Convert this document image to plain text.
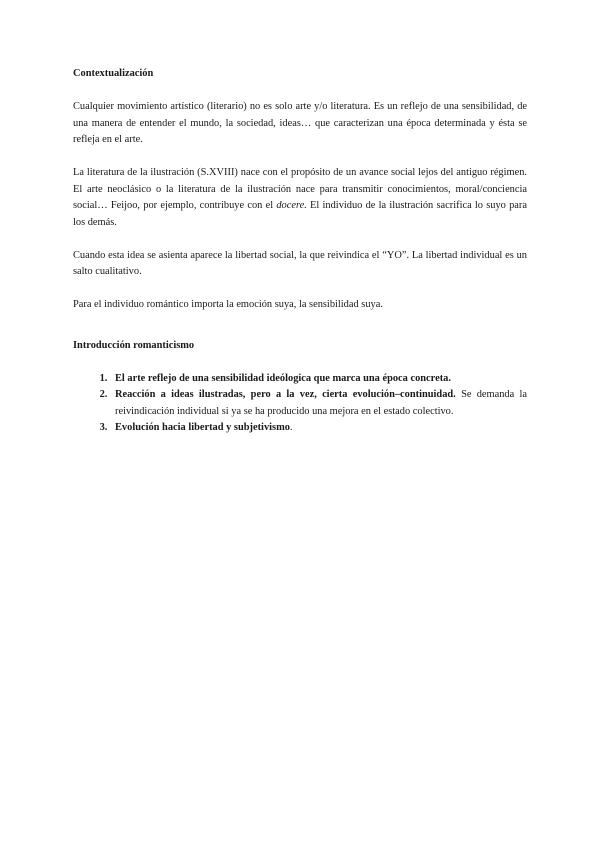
Contextualización

Cualquier movimiento artístico (literario) no es solo arte y/o literatura. Es un reflejo de una sensibilidad, de una manera de entender el mundo, la sociedad, ideas… que caracterizan una época determinada y ésta se refleja en el arte.

La literatura de la ilustración (S.XVIII) nace con el propósito de un avance social lejos del antiguo régimen. El arte neoclásico o la literatura de la ilustración nace para transmitir conocimientos, moral/conciencia social… Feijoo, por ejemplo, contribuye con el docere. El individuo de la ilustración sacrifica lo suyo para los demás.

Cuando esta idea se asienta aparece la libertad social, la que reivindica el “YO”. La libertad individual es un salto cualitativo.

Para el individuo romántico importa la emoción suya, la sensibilidad suya.

Introducción romanticismo
1. El arte reflejo de una sensibilidad ideólogica que marca una época concreta.
2. Reacción a ideas ilustradas, pero a la vez, cierta evolución–continuidad. Se demanda la reivindicación individual si ya se ha producido una mejora en el estado colectivo.
3. Evolución hacia libertad y subjetivismo.
